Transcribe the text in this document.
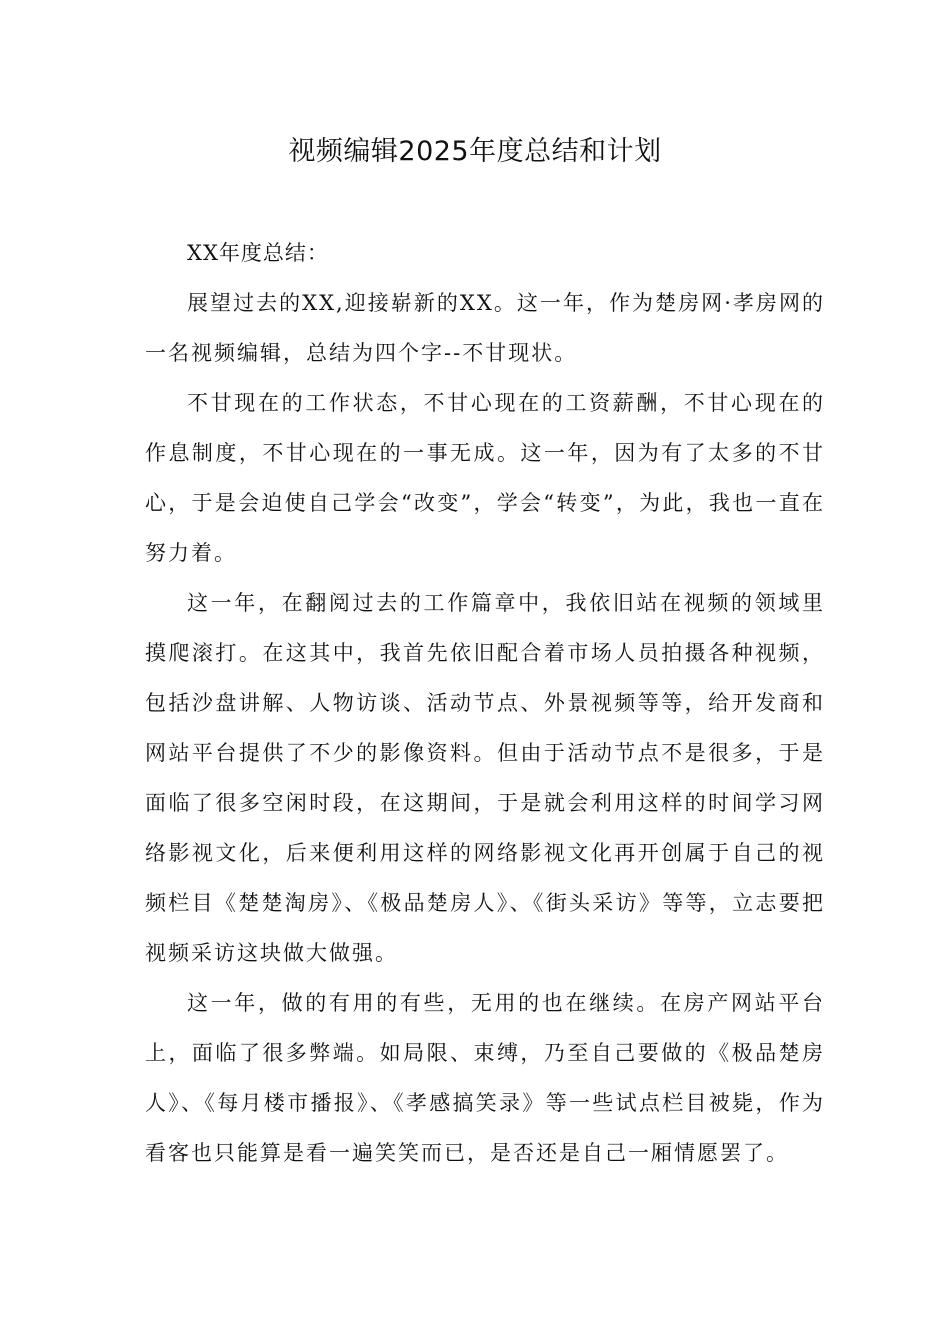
视频编辑2025年度总结和计划

XX年度总结：

展望过去的XX,迎接崭新的XX。这一年，作为楚房网·孝房网的一名视频编辑，总结为四个字--不甘现状。

不甘现在的工作状态，不甘心现在的工资薪酬，不甘心现在的作息制度，不甘心现在的一事无成。这一年，因为有了太多的不甘心，于是会迫使自己学会“改变”，学会“转变”，为此，我也一直在努力着。

这一年，在翻阅过去的工作篇章中，我依旧站在视频的领域里摸爬滚打。在这其中，我首先依旧配合着市场人员拍摄各种视频，包括沙盘讲解、人物访谈、活动节点、外景视频等等，给开发商和网站平台提供了不少的影像资料。但由于活动节点不是很多，于是面临了很多空闲时段，在这期间，于是就会利用这样的时间学习网络影视文化，后来便利用这样的网络影视文化再开创属于自己的视频栏目《楚楚淘房》、《极品楚房人》、《街头采访》等等，立志要把视频采访这块做大做强。

这一年，做的有用的有些，无用的也在继续。在房产网站平台上，面临了很多弊端。如局限、束缚，乃至自己要做的《极品楚房人》、《每月楼市播报》、《孝感搞笑录》等一些试点栏目被毙，作为看客也只能算是看一遍笑笑而已，是否还是自己一厢情愿罢了。
